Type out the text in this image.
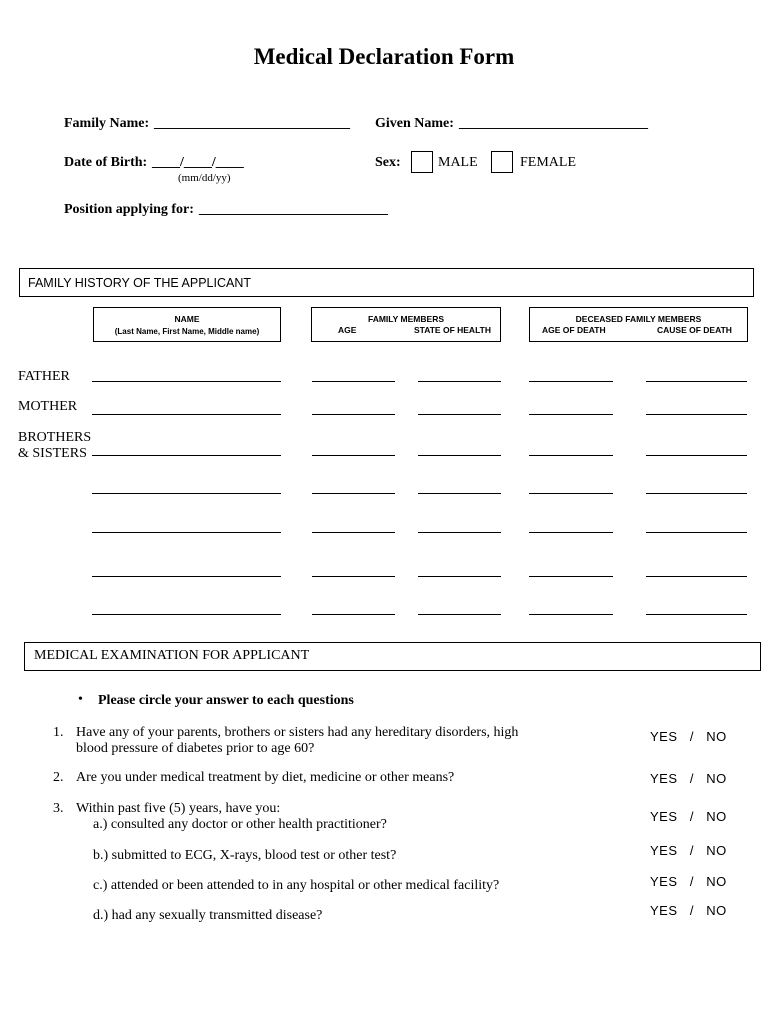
Medical Declaration Form
Family Name: ____________________________ Given Name: ___________________________
Date of Birth: ____/____/____
(mm/dd/yy)
Sex:	MALE	FEMALE
Position applying for: ___________________________
FAMILY HISTORY OF THE APPLICANT
NAME
(Last Name, First Name, Middle name)
FAMILY MEMBERS
AGE	STATE OF HEALTH
DECEASED FAMILY MEMBERS
AGE OF DEATH	CAUSE OF DEATH
FATHER
MOTHER
BROTHERS
& SISTERS
MEDICAL EXAMINATION FOR APPLICANT
• Please circle your answer to each questions
1. Have any of your parents, brothers or sisters had any hereditary disorders, high
blood pressure of diabetes prior to age 60?
YES   /   NO
2. Are you under medical treatment by diet, medicine or other means?	YES   /   NO
3. Within past five (5) years, have you:
a.) consulted any doctor or other health practitioner?
YES   /   NO
b.) submitted to ECG, X-rays, blood test or other test?	YES   /   NO
c.) attended or been attended to in any hospital or other medical facility?	YES   /   NO
d.) had any sexually transmitted disease?	YES   /   NO
